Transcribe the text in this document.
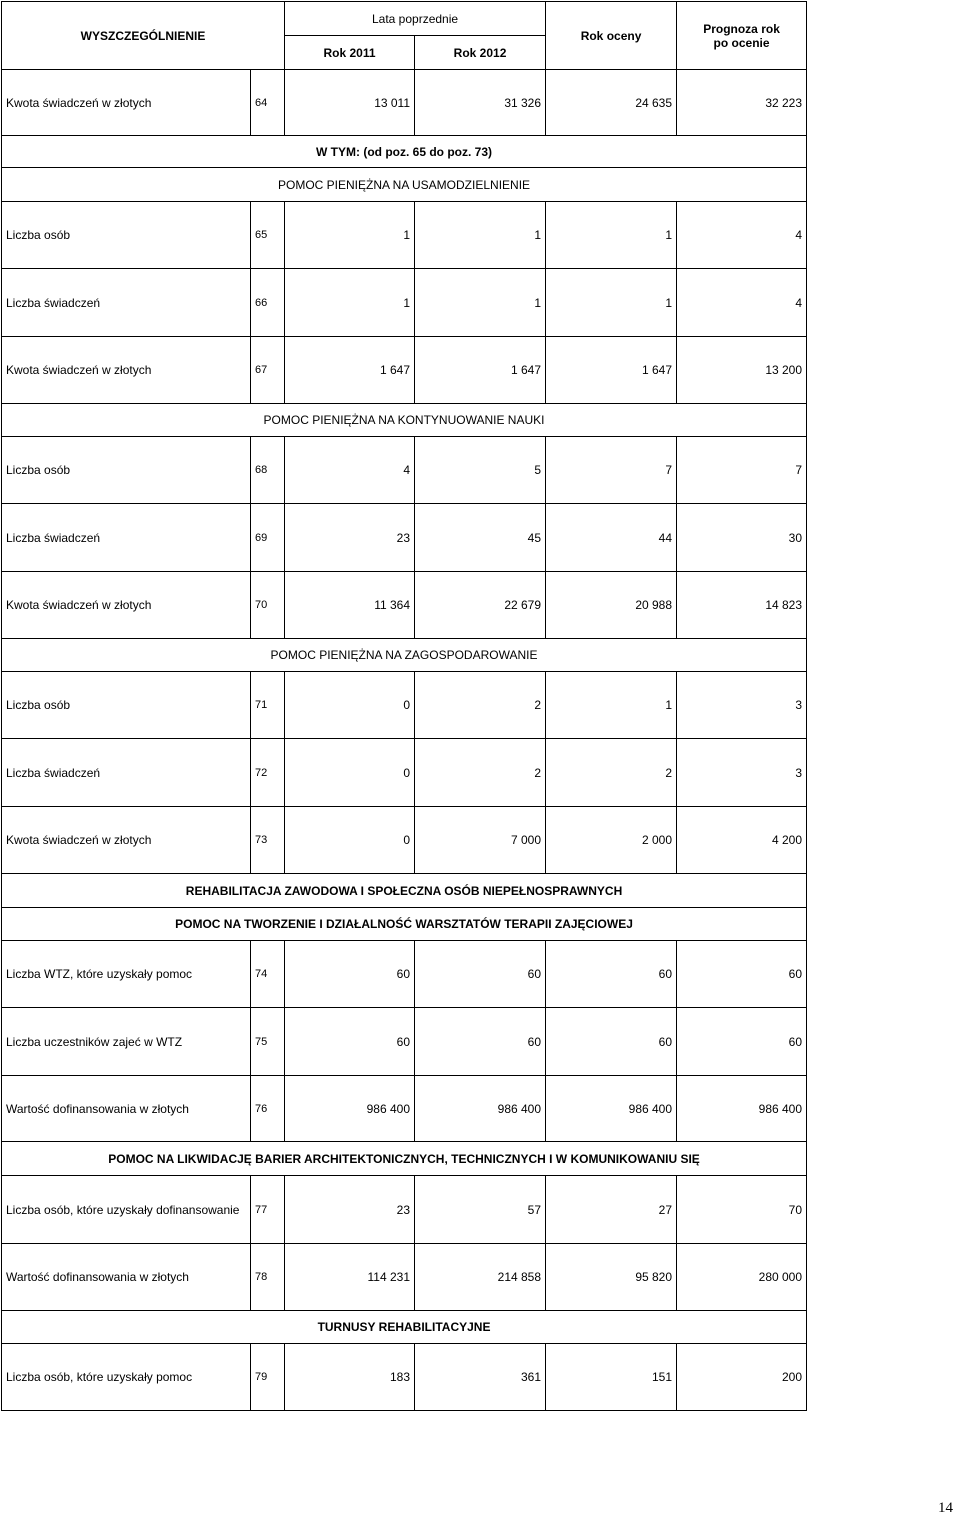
WYSZCZEGÓLNIENIE		Lata poprzednie		Rok oceny	Prognoza rok
po ocenie
		Rok 2011	Rok 2012		
Kwota świadczeń w złotych	64	13 011	31 326	24 635	32 223
W TYM: (od poz. 65 do poz. 73)					
POMOC PIENIĘŻNA NA USAMODZIELNIENIE					
Liczba osób	65	1	1	1	4
Liczba świadczeń	66	1	1	1	4
Kwota świadczeń w złotych	67	1 647	1 647	1 647	13 200
POMOC PIENIĘŻNA NA KONTYNUOWANIE NAUKI					
Liczba osób	68	4	5	7	7
Liczba świadczeń	69	23	45	44	30
Kwota świadczeń w złotych	70	11 364	22 679	20 988	14 823
POMOC PIENIĘŻNA NA ZAGOSPODAROWANIE					
Liczba osób	71	0	2	1	3
Liczba świadczeń	72	0	2	2	3
Kwota świadczeń w złotych	73	0	7 000	2 000	4 200
REHABILITACJA ZAWODOWA I SPOŁECZNA OSÓB NIEPEŁNOSPRAWNYCH					
POMOC NA TWORZENIE I DZIAŁALNOŚĆ WARSZTATÓW TERAPII ZAJĘCIOWEJ					
Liczba WTZ, które uzyskały pomoc	74	60	60	60	60
Liczba uczestników zajeć w WTZ	75	60	60	60	60
Wartość dofinansowania w złotych	76	986 400	986 400	986 400	986 400
POMOC NA LIKWIDACJĘ BARIER ARCHITEKTONICZNYCH, TECHNICZNYCH I W KOMUNIKOWANIU SIĘ					
Liczba osób, które uzyskały dofinansowanie	77	23	57	27	70
Wartość dofinansowania w złotych	78	114 231	214 858	95 820	280 000
TURNUSY REHABILITACYJNE					
Liczba osób, które uzyskały pomoc	79	183	361	151	200
14
